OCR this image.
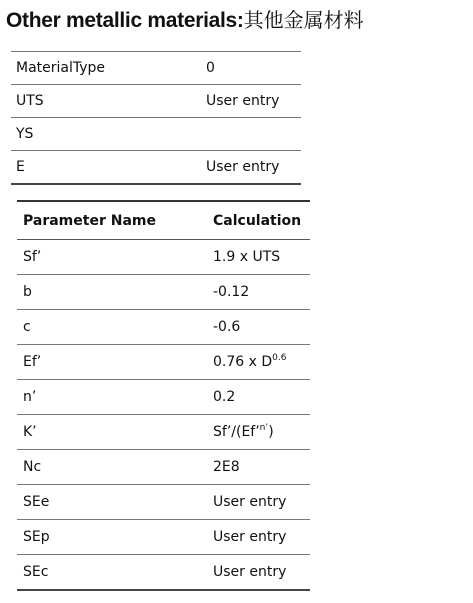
Other metallic materials:其他金属材料
MaterialType	0
UTS	User entry
YS	
E	User entry
Parameter Name	Calculation
Sf’	1.9 x UTS
b	-0.12
c	-0.6
Ef’	0.76 x $D^{0.6}$
n’	0.2
K’	Sf’/(Ef’$^{n’}$)
Nc	2E8
SEe	User entry
SEp	User entry
SEc	User entry
